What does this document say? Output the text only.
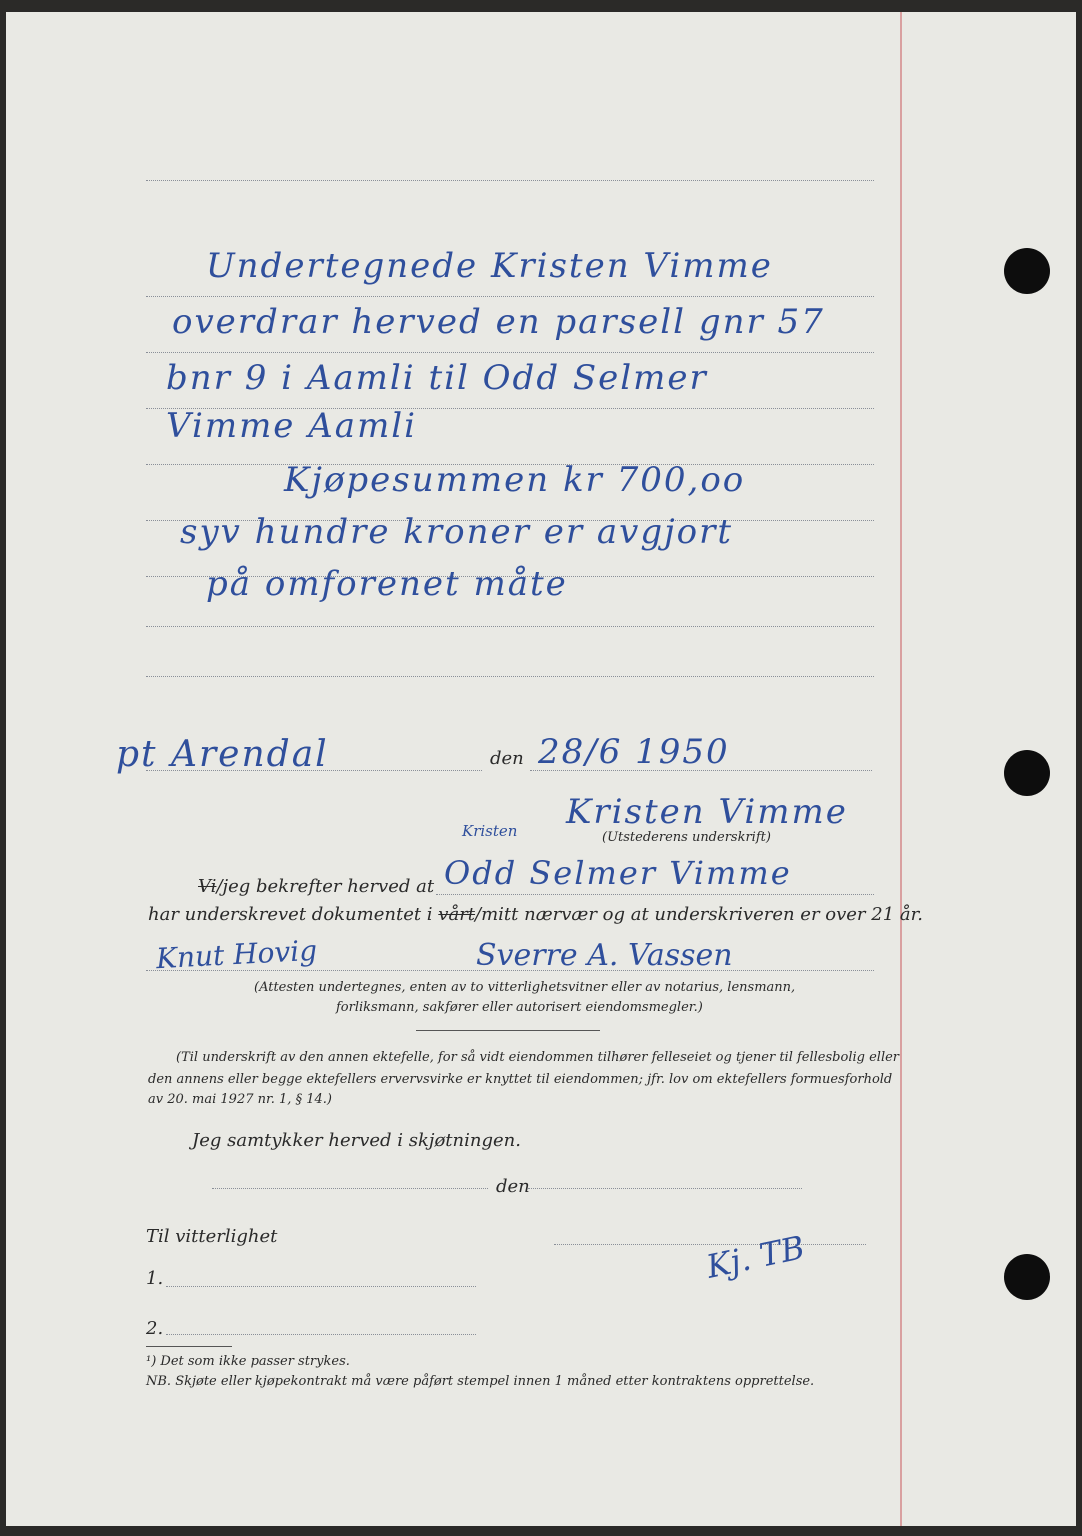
Undertegnede Kristen Vimme
overdrar herved en parsell gnr 57
bnr 9 i Aamli til Odd Selmer
Vimme Aamli
Kjøpesummen kr 700,oo
syv hundre kroner er avgjort
på omforenet måte
pt Arendal	den 28/6 1950
Kristen Kristen Vimme
(Utstederens underskrift)
Vi/jeg bekrefter herved at Odd Selmer Vimme
har underskrevet dokumentet i vårt/mitt nærvær og at underskriveren er over 21 år.
Knut Hovig	Sverre A. Vassen
(Attesten undertegnes, enten av to vitterlighetsvitner eller av notarius, lensmann,
forliksmann, sakfører eller autorisert eiendomsmegler.)
(Til underskrift av den annen ektefelle, for så vidt eiendommen tilhører felleseiet og tjener til fellesbolig eller
den annens eller begge ektefellers ervervsvirke er knyttet til eiendommen; jfr. lov om ektefellers formuesforhold
av 20. mai 1927 nr. 1, § 14.)
Jeg samtykker herved i skjøtningen.
den
Til vitterlighet	Kj. TB
1.
2.
¹) Det som ikke passer strykes.
NB. Skjøte eller kjøpekontrakt må være påført stempel innen 1 måned etter kontraktens opprettelse.
